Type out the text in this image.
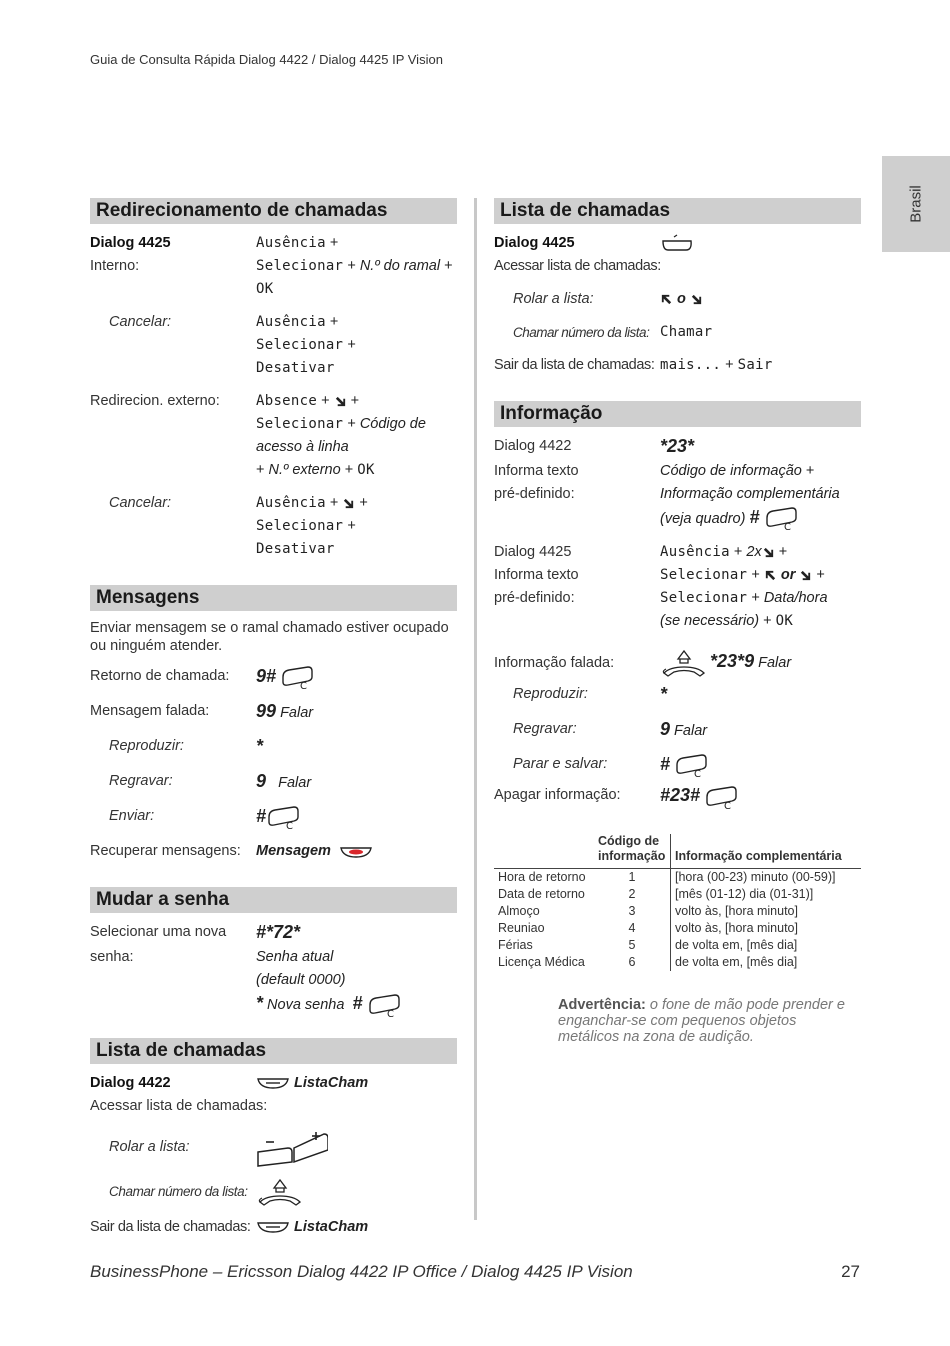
Guia de Consulta Rápida Dialog 4422 / Dialog 4425 IP Vision
Brasil
Redirecionamento de chamadas
Dialog 4425	Ausência +
Interno:	Selecionar + N.º do ramal + OK
Cancelar:	Ausência +
Selecionar +
Desativar
Redirecion. externo:	Absence +  +
Selecionar + Código de acesso à linha
+ N.º externo + OK
Cancelar:	Ausência +  +
Selecionar +
Desativar
Mensagens
Enviar mensagem se o ramal chamado estiver ocupado ou ninguém atender.
Retorno de chamada:	9#
Mensagem falada:	99 Falar
Reproduzir:	*
Regravar:	9 Falar
Enviar:	#
Recuperar mensagens:	Mensagem
Mudar a senha
Selecionar uma nova	#*72*
senha:	Senha atual
(default 0000)
* Nova senha #
Lista de chamadas
Dialog 4422	ListaCham
Acessar lista de chamadas:
Rolar a lista:
Chamar número da lista:
Sair da lista de chamadas:	ListaCham
Lista de chamadas
Dialog 4425
Acessar lista de chamadas:
Rolar a lista:	o
Chamar número da lista: Chamar
Sair da lista de chamadas: mais... + Sair
Informação
Dialog 4422	*23*
Informa texto	Código de informação +
pré-definido:	Informação complementária
(veja quadro) #
Dialog 4425	Ausência + 2x +
Informa texto	Selecionar +  or  +
pré-definido:	Selecionar + Data/hora
(se necessário) + OK
Informação falada:	*23*9 Falar
Reproduzir:	*
Regravar:	9 Falar
Parar e salvar:	#
Apagar informação:	#23#
	Código de informação	Informação complementária
Hora de retorno	1	[hora (00-23) minuto (00-59)]
Data de retorno	2	[mês (01-12) dia (01-31)]
Almoço	3	volto às, [hora minuto]
Reuniao	4	volto às, [hora minuto]
Férias	5	de volta em, [mês dia]
Licença Médica	6	de volta em, [mês dia]
Advertência: o fone de mão pode prender e enganchar-se com pequenos objetos metálicos na zona de audição.
BusinessPhone – Ericsson Dialog 4422 IP Office / Dialog 4425 IP Vision	27
